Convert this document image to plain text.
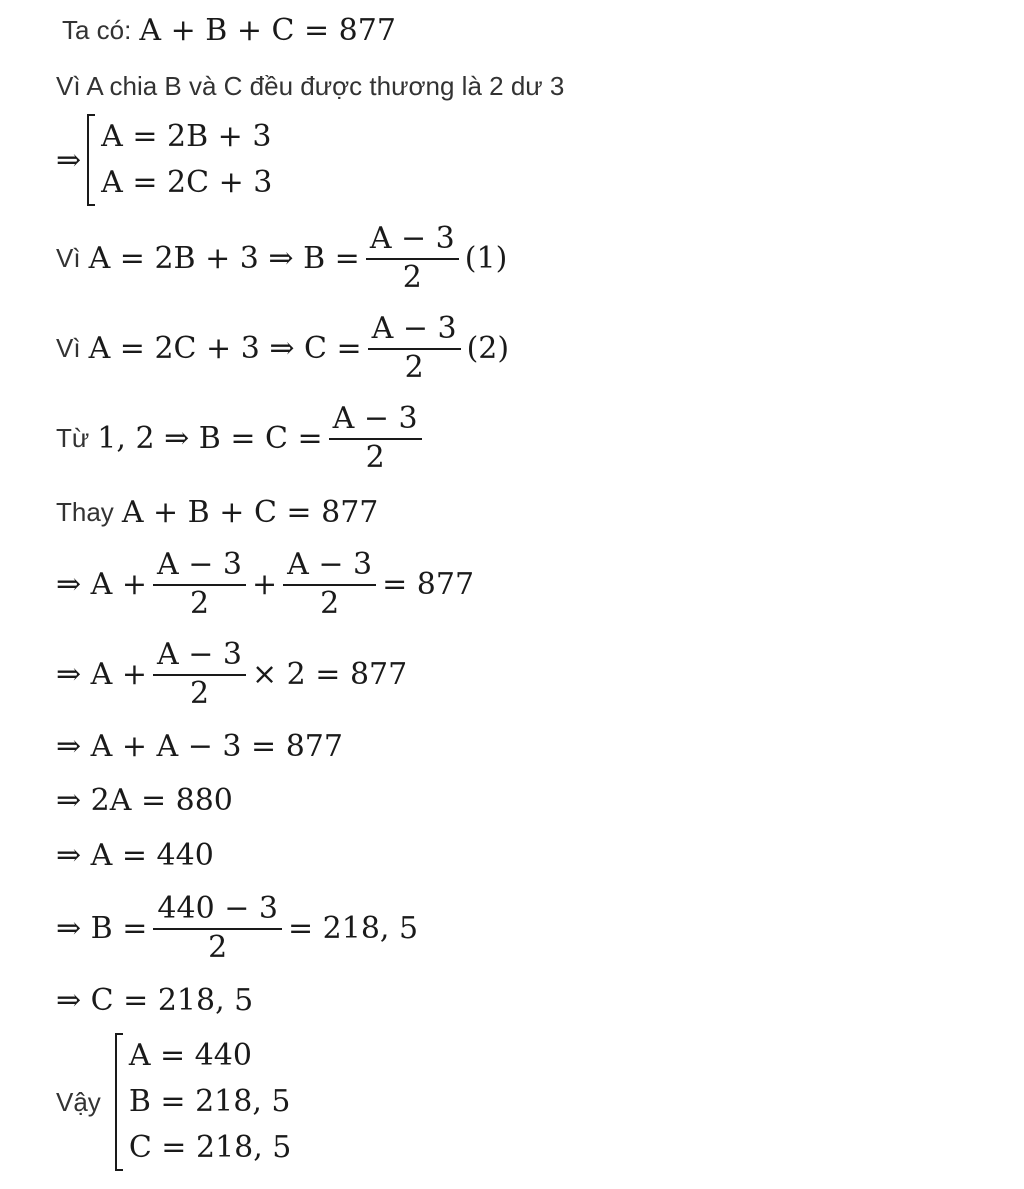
Ta có: A + B + C = 877
Vì A chia B và C đều được thương là 2 dư 3
⇒
A = 2B + 3
A = 2C + 3
Vì A = 2B + 3 ⇒ $B = \frac{A - 3}{2} (1)$
Vì A = 2C + 3 ⇒ $C = \frac{A - 3}{2} (2)$
Từ 1, 2 ⇒ $B = C = \frac{A - 3}{2}$
Thay A + B + C = 877
⇒ $A + \frac{A - 3}{2} + \frac{A - 3}{2} = 877$
⇒ $A + \frac{A - 3}{2} \times 2 = 877$
⇒ A + A − 3 = 877
⇒ 2A = 880
⇒ A = 440
⇒ $B = \frac{440 - 3}{2} = 218$, 5
⇒ C = 218, 5
Vậy
A = 440
B = 218, 5
C = 218, 5
